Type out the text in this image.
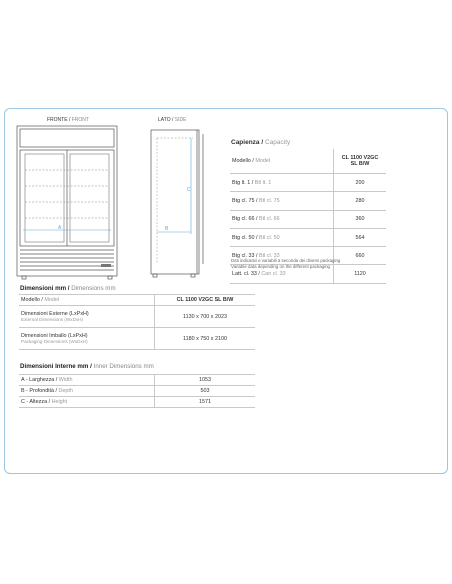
FRONTE / FRONT	LATO / SIDE
A
C
B
Capienza / Capacity
Modello / Model	CL 1100 V2GC
SL B/W
Btg lt. 1 / Btl lt. 1	200
Btg cl. 75 / Btl cl. 75	280
Btg cl. 66 / Btl cl. 66	360
Btg cl. 50 / Btl cl. 50	564
Btg cl. 33 / Btl cl. 33	660
Latt. cl. 33 / Can cl. 33	1120
Dati indicativi e variabili a seconda dei diversi packaging
Variable data depending on the different packaging
Dimensioni mm / Dimensions mm
Modello / Model	CL 1100 V2GC SL B/W
Dimensioni Esterne (LxPxH)
External Dimensions (WxDxH)	1130 x 700 x 2023
Dimensioni Imballo (LxPxH)
Packaging Dimensions (WxDxH)	1180 x 750 x 2100
Dimensioni Interne mm / Inner Dimensions mm
A - Larghezza / Width	1053
B - Profondità / Depth	503
C - Altezza / Height	1571
